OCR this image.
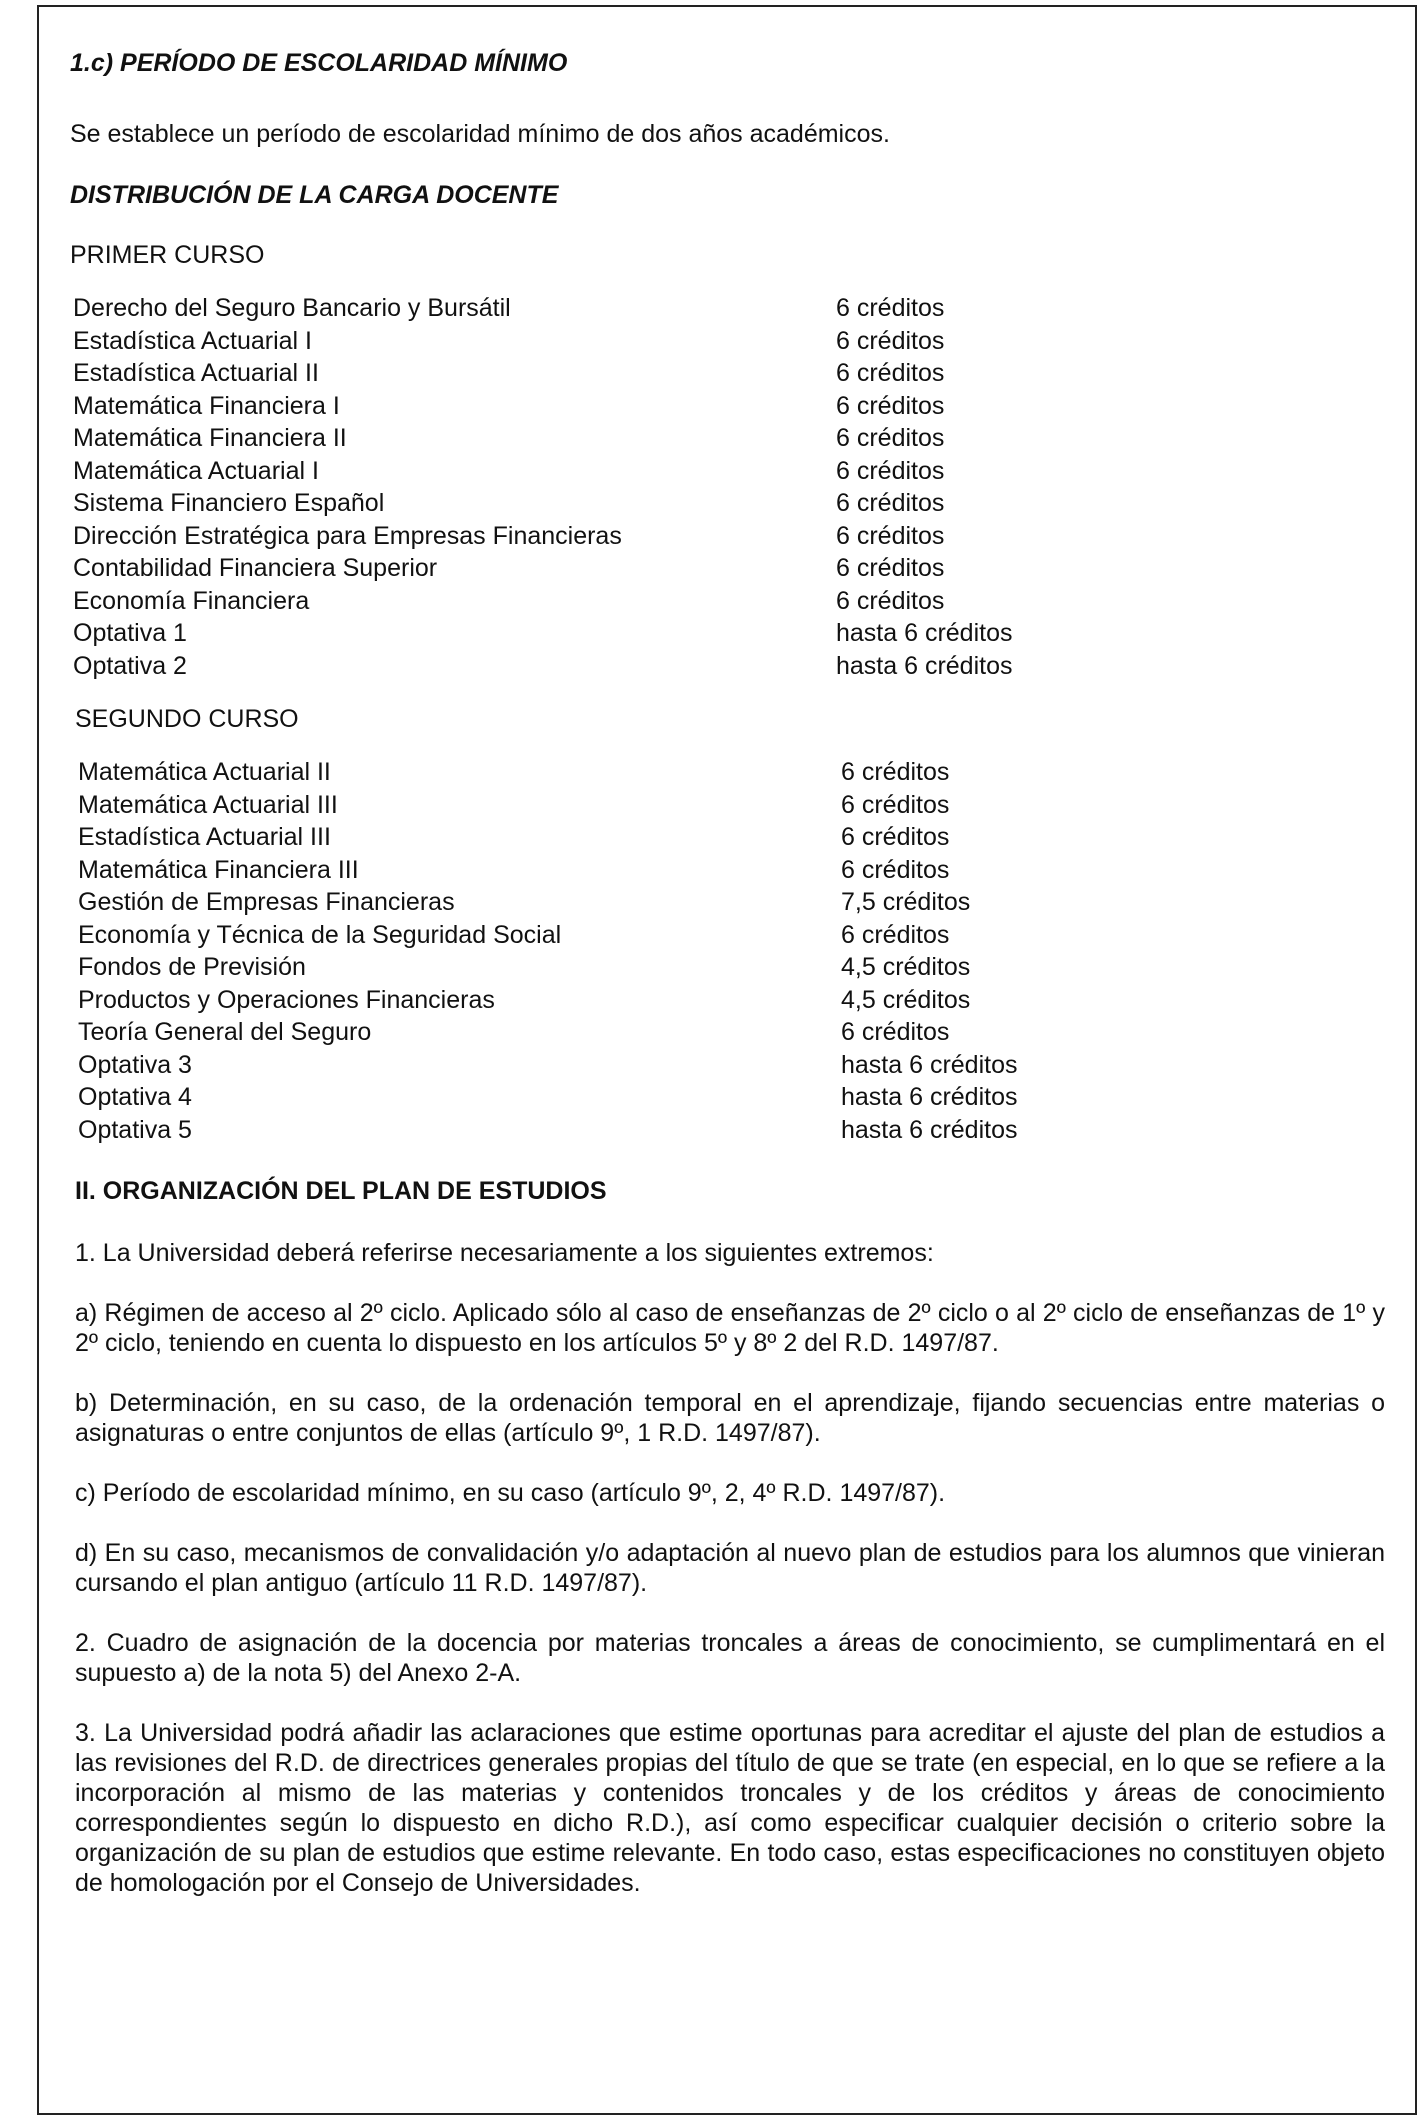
1.c) PERÍODO DE ESCOLARIDAD MÍNIMO

Se establece un período de escolaridad mínimo de dos años académicos.

DISTRIBUCIÓN DE LA CARGA DOCENTE

PRIMER CURSO

Derecho del Seguro Bancario y Bursátil	6 créditos
Estadística Actuarial I	6 créditos
Estadística Actuarial II	6 créditos
Matemática Financiera I	6 créditos
Matemática Financiera II	6 créditos
Matemática Actuarial I	6 créditos
Sistema Financiero Español	6 créditos
Dirección Estratégica para Empresas Financieras	6 créditos
Contabilidad Financiera Superior	6 créditos
Economía Financiera	6 créditos
Optativa 1	hasta 6 créditos
Optativa 2	hasta 6 créditos

SEGUNDO CURSO

Matemática Actuarial II	6 créditos
Matemática Actuarial III	6 créditos
Estadística Actuarial III	6 créditos
Matemática Financiera III	6 créditos
Gestión de Empresas Financieras	7,5 créditos
Economía y Técnica de la Seguridad Social	6 créditos
Fondos de Previsión	4,5 créditos
Productos y Operaciones Financieras	4,5 créditos
Teoría General del Seguro	6 créditos
Optativa 3	hasta 6 créditos
Optativa 4	hasta 6 créditos
Optativa 5	hasta 6 créditos

II. ORGANIZACIÓN DEL PLAN DE ESTUDIOS

1. La Universidad deberá referirse necesariamente a los siguientes extremos:

a) Régimen de acceso al 2º ciclo. Aplicado sólo al caso de enseñanzas de 2º ciclo o al 2º ciclo de enseñanzas de 1º y 2º ciclo, teniendo en cuenta lo dispuesto en los artículos 5º y 8º 2 del R.D. 1497/87.

b) Determinación, en su caso, de la ordenación temporal en el aprendizaje, fijando secuencias entre materias o asignaturas o entre conjuntos de ellas (artículo 9º, 1 R.D. 1497/87).

c) Período de escolaridad mínimo, en su caso (artículo 9º, 2, 4º R.D. 1497/87).

d) En su caso, mecanismos de convalidación y/o adaptación al nuevo plan de estudios para los alumnos que vinieran cursando el plan antiguo (artículo 11 R.D. 1497/87).

2. Cuadro de asignación de la docencia por materias troncales a áreas de conocimiento, se cumplimentará en el supuesto a) de la nota 5) del Anexo 2-A.

3. La Universidad podrá añadir las aclaraciones que estime oportunas para acreditar el ajuste del plan de estudios a las revisiones del R.D. de directrices generales propias del título de que se trate (en especial, en lo que se refiere a la incorporación al mismo de las materias y contenidos troncales y de los créditos y áreas de conocimiento correspondientes según lo dispuesto en dicho R.D.), así como especificar cualquier decisión o criterio sobre la organización de su plan de estudios que estime relevante. En todo caso, estas especificaciones no constituyen objeto de homologación por el Consejo de Universidades.
